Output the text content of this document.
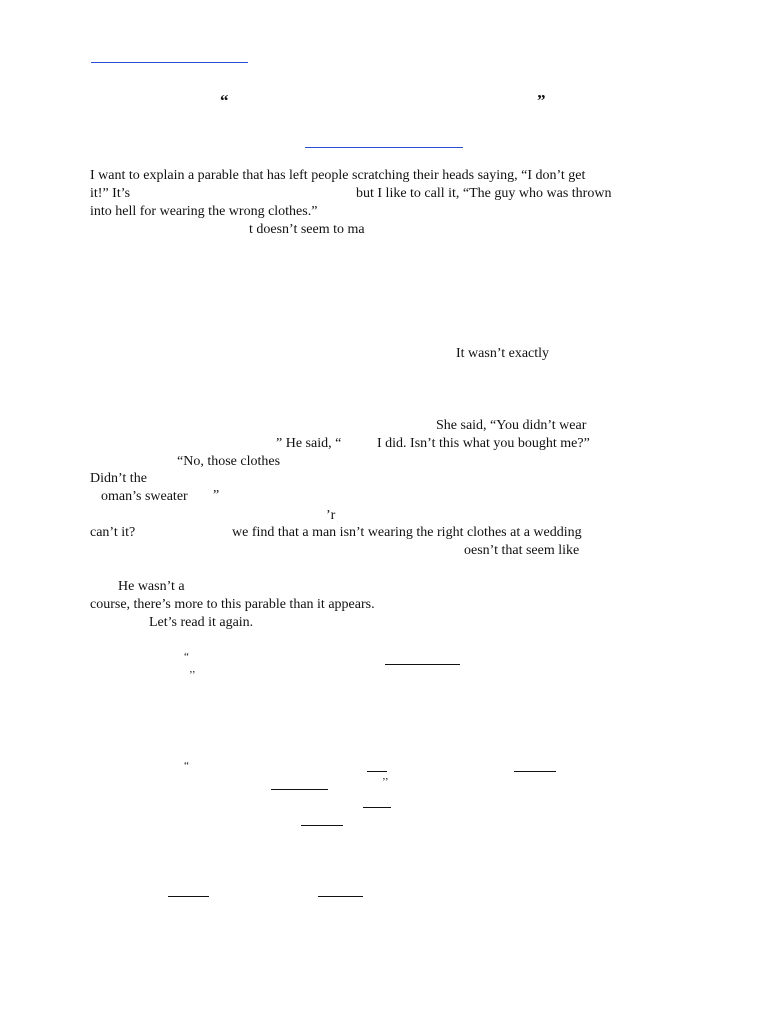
“	”
I want to explain a parable that has left people scratching their heads saying, “I don’t get
it!” It’s	but I like to call it, “The guy who was thrown
into hell for wearing the wrong clothes.”
t doesn’t seem to ma
It wasn’t exactly
She said, “You didn’t wear
” He said, “	I did. Isn’t this what you bought me?”
“No, those clothes
Didn’t the
oman’s sweater ”
’r
can’t it?	we find that a man isn’t wearing the right clothes at a wedding
oesn’t that seem like
He wasn’t a
course, there’s more to this parable than it appears.
Let’s read it again.
“
’’
“
’’
